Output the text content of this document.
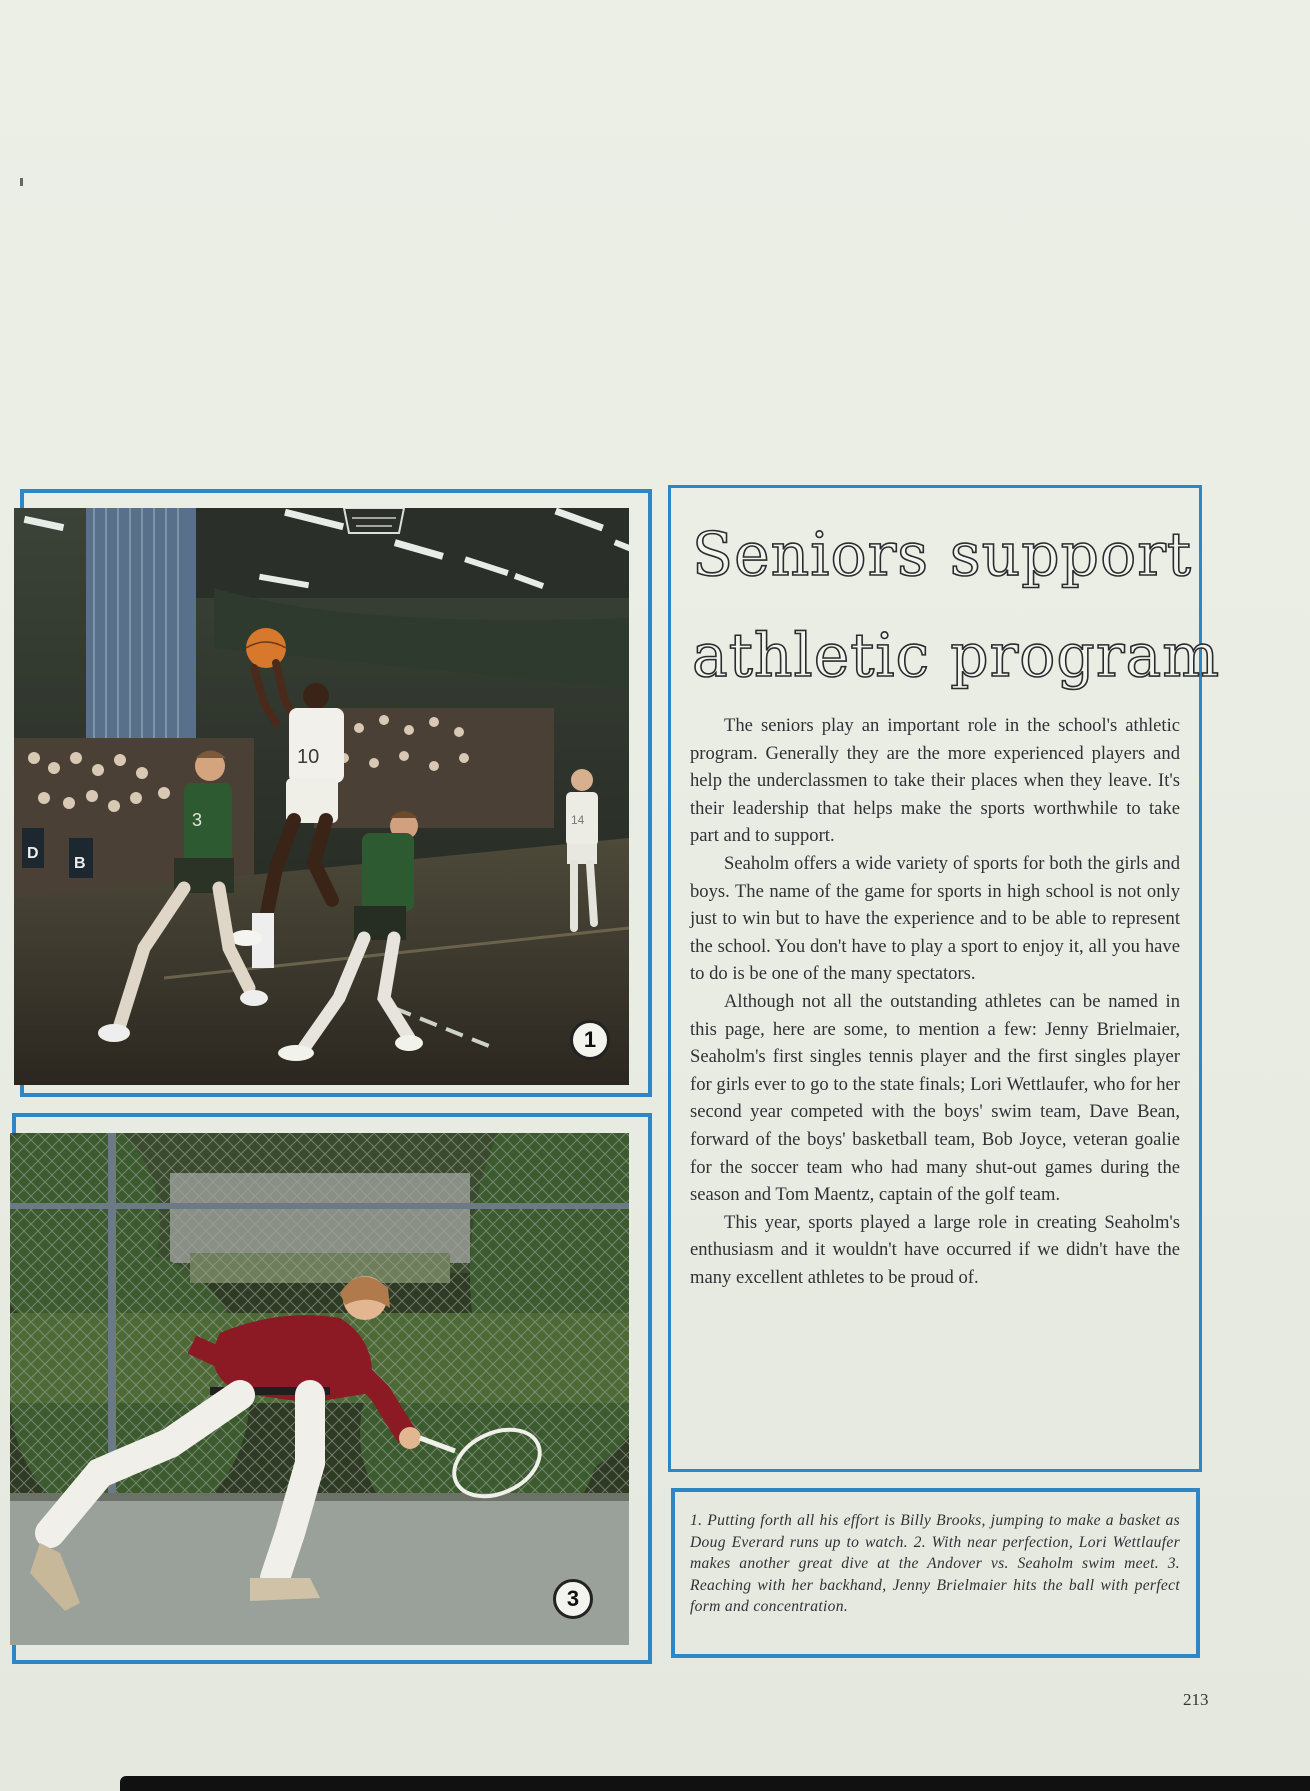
D
B
10
3	14
1
3
Seniors support
athletic program

The seniors play an important role in the school's athletic program. Generally they are the more experienced players and help the underclassmen to take their places when they leave. It's their leadership that helps make the sports worthwhile to take part and to support.

Seaholm offers a wide variety of sports for both the girls and boys. The name of the game for sports in high school is not only just to win but to have the experience and to be able to represent the school. You don't have to play a sport to enjoy it, all you have to do is be one of the many spectators.

Although not all the outstanding athletes can be named in this page, here are some, to mention a few: Jenny Brielmaier, Seaholm's first singles tennis player and the first singles player for girls ever to go to the state finals; Lori Wettlaufer, who for her second year competed with the boys' swim team, Dave Bean, forward of the boys' basketball team, Bob Joyce, veteran goalie for the soccer team who had many shut-out games during the season and Tom Maentz, captain of the golf team.

This year, sports played a large role in creating Seaholm's enthusiasm and it wouldn't have occurred if we didn't have the many excellent athletes to be proud of.

1. Putting forth all his effort is Billy Brooks, jumping to make a basket as Doug Everard runs up to watch. 2. With near perfection, Lori Wettlaufer makes another great dive at the Andover vs. Seaholm swim meet. 3. Reaching with her backhand, Jenny Brielmaier hits the ball with perfect form and concentration.
213
